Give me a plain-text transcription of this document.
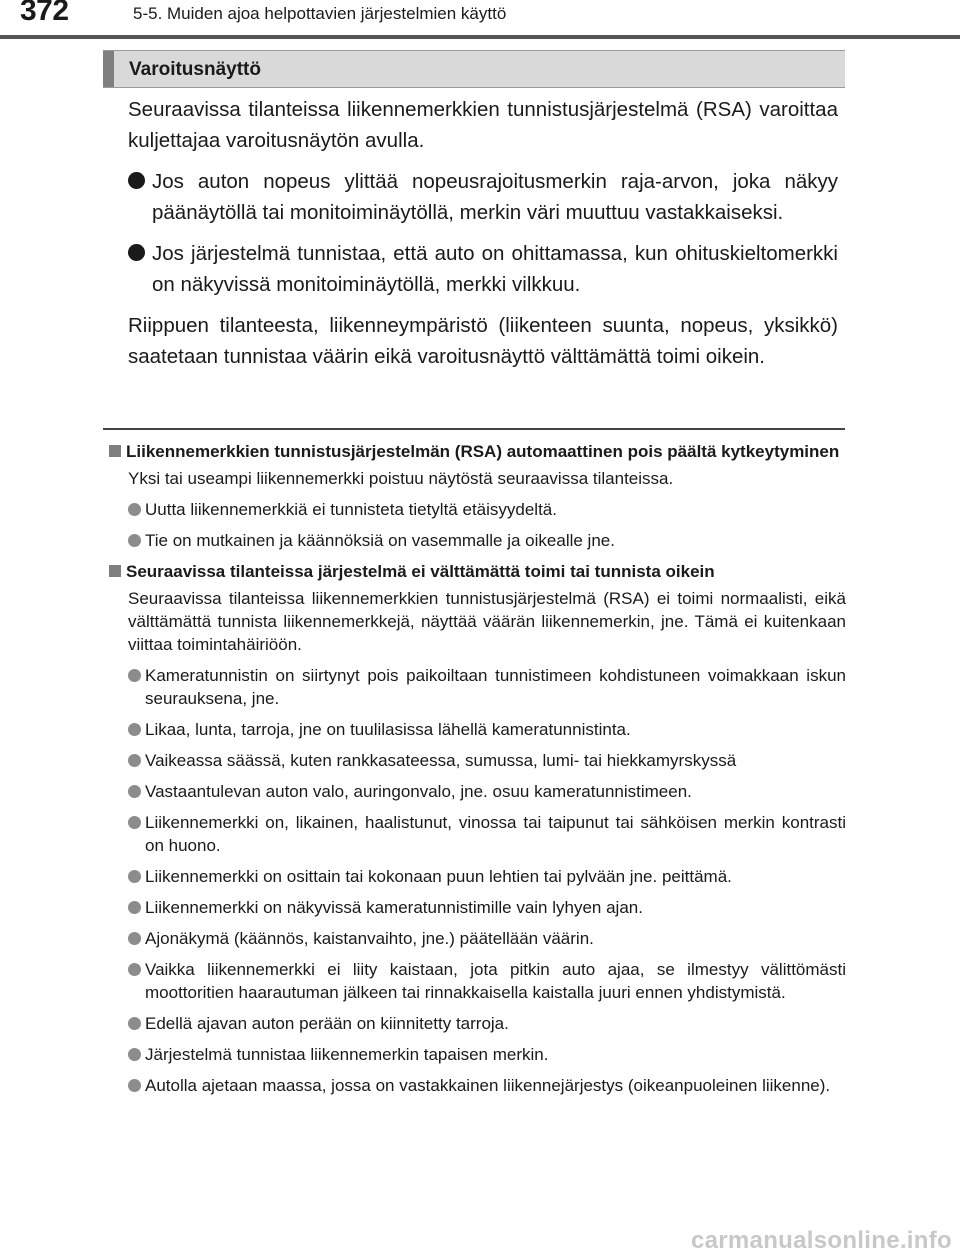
372	5-5. Muiden ajoa helpottavien järjestelmien käyttö
Varoitusnäyttö

Seuraavissa tilanteissa liikennemerkkien tunnistusjärjestelmä (RSA) varoittaa kuljettajaa varoitusnäytön avulla.

Jos auton nopeus ylittää nopeusrajoitusmerkin raja-arvon, joka näkyy päänäytöllä tai monitoiminäytöllä, merkin väri muuttuu vastakkaiseksi.
Jos järjestelmä tunnistaa, että auto on ohittamassa, kun ohituskieltomerkki on näkyvissä monitoiminäytöllä, merkki vilkkuu.

Riippuen tilanteesta, liikenneympäristö (liikenteen suunta, nopeus, yksikkö) saatetaan tunnistaa väärin eikä varoitusnäyttö välttämättä toimi oikein.

Liikennemerkkien tunnistusjärjestelmän (RSA) automaattinen pois päältä kytkeytyminen

Yksi tai useampi liikennemerkki poistuu näytöstä seuraavissa tilanteissa.

Uutta liikennemerkkiä ei tunnisteta tietyltä etäisyydeltä.
Tie on mutkainen ja käännöksiä on vasemmalle ja oikealle jne.
Seuraavissa tilanteissa järjestelmä ei välttämättä toimi tai tunnista oikein

Seuraavissa tilanteissa liikennemerkkien tunnistusjärjestelmä (RSA) ei toimi normaalisti, eikä välttämättä tunnista liikennemerkkejä, näyttää väärän liikennemerkin, jne. Tämä ei kuitenkaan viittaa toimintahäiriöön.

Kameratunnistin on siirtynyt pois paikoiltaan tunnistimeen kohdistuneen voimakkaan iskun seurauksena, jne.
Likaa, lunta, tarroja, jne on tuulilasissa lähellä kameratunnistinta.
Vaikeassa säässä, kuten rankkasateessa, sumussa, lumi- tai hiekkamyrskyssä
Vastaantulevan auton valo, auringonvalo, jne. osuu kameratunnistimeen.
Liikennemerkki on, likainen, haalistunut, vinossa tai taipunut tai sähköisen merkin kontrasti on huono.
Liikennemerkki on osittain tai kokonaan puun lehtien tai pylvään jne. peittämä.
Liikennemerkki on näkyvissä kameratunnistimille vain lyhyen ajan.
Ajonäkymä (käännös, kaistanvaihto, jne.) päätellään väärin.
Vaikka liikennemerkki ei liity kaistaan, jota pitkin auto ajaa, se ilmestyy välittömästi moottoritien haarautuman jälkeen tai rinnakkaisella kaistalla juuri ennen yhdistymistä.
Edellä ajavan auton perään on kiinnitetty tarroja.
Järjestelmä tunnistaa liikennemerkin tapaisen merkin.
Autolla ajetaan maassa, jossa on vastakkainen liikennejärjestys (oikeanpuoleinen liikenne).
carmanualsonline.info
